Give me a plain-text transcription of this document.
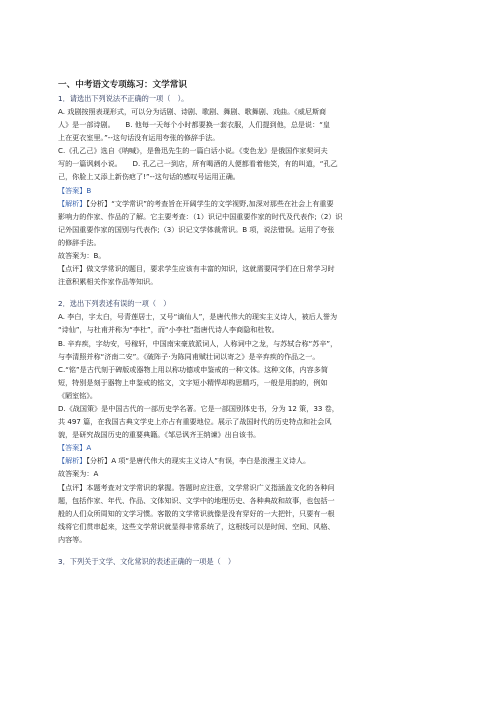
一、中考语文专项练习：文学常识
1．请选出下列说法不正确的一项（　）。
A. 戏剧按照表现形式，可以分为话剧、诗剧、歌剧、舞剧、歌舞剧、戏曲。《威尼斯商
人》是一部诗剧。　　B. 他每一天每个小时都要换一套衣服，人们提到他，总是说：“皇
上在更衣室里。”--这句话没有运用夸张的修辞手法。
C.《孔乙己》选自《呐喊》，是鲁迅先生的一篇白话小说。《变色龙》是俄国作家契诃夫
写的一篇讽刺小说。　　D. 孔乙己一到店，所有喝酒的人便都看着他笑，有的叫道，“孔乙
己，你脸上又添上新伤疤了!”--这句话的感叹号运用正确。
【答案】B
【解析】【分析】“文学常识”的考查旨在开阔学生的文学视野,加深对那些在社会上有重要
影响力的作家、作品的了解。它主要考查：（1）识记中国重要作家的时代及代表作;（2）识
记外国重要作家的国别与代表作;（3）识记文学体裁常识。B 项，说法错误。运用了夸张
的修辞手法。
故答案为：B。
【点评】做文学常识的题目，要求学生应该有丰富的知识，这就需要同学们在日常学习时
注意积累相关作家作品等知识。
2．选出下列表述有误的一项（　）
A. 李白，字太白，号青莲居士，又号“谪仙人”，是唐代伟大的现实主义诗人，被后人誉为
“诗仙”，与杜甫并称为“李杜”，而“小李杜”指唐代诗人李商隐和杜牧。
B. 辛弃疾，字幼安，号稼轩，中国南宋豪放派词人，人称词中之龙，与苏轼合称“苏辛”，
与李清照并称“济南二安”。《破阵子·为陈同甫赋壮词以寄之》是辛弃疾的作品之一。
C.“铭”是古代刻于碑版或器物上用以称功德或申鉴戒的一种文体。这种文体，内容多简
短，特别是刻于器物上申鉴戒的铭文，文字短小精悍却构思精巧，一般是用韵的，例如
《陋室铭》。
D.《战国策》是中国古代的一部历史学名著。它是一部国别体史书，分为 12 策，33 卷，
共 497 篇，在我国古典文学史上亦占有重要地位。展示了战国时代的历史特点和社会风
貌，是研究战国历史的重要典籍。《邹忌讽齐王纳谏》出自该书。
【答案】A
【解析】【分析】A 项“是唐代伟大的现实主义诗人”有误，李白是浪漫主义诗人。
故答案为：A
【点评】本题考查对文学常识的掌握。答题时应注意，文学常识广义指涵盖文化的各种问
题，包括作家、年代、作品、文体知识、文学中的地理历史、各种典故和故事，也包括一
般的人们众所周知的文学习惯。客散的文学常识就像是没有穿好的一大把针，只要有一根
线将它们贯串起来，这些文学常识就显得非常系统了，这根线可以是时间、空间、风格、
内容等。
3．下列关于文学、文化常识的表述正确的一项是（　）
